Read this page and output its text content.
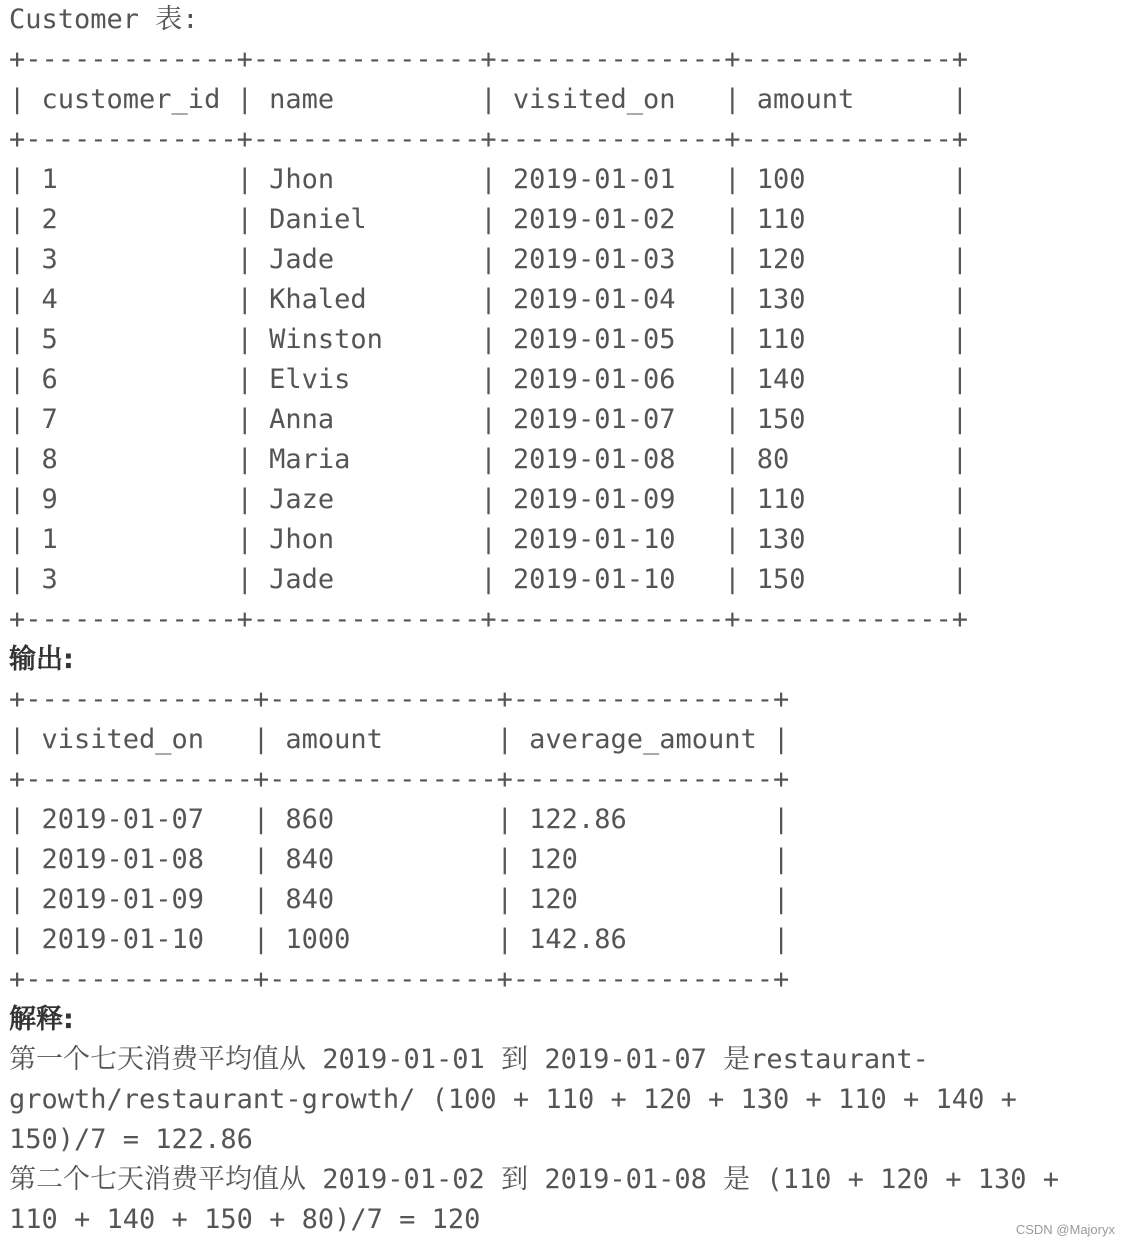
Customer 表:
+-------------+--------------+--------------+-------------+
| customer_id | name         | visited_on   | amount      |
+-------------+--------------+--------------+-------------+
| 1           | Jhon         | 2019-01-01   | 100         |
| 2           | Daniel       | 2019-01-02   | 110         |
| 3           | Jade         | 2019-01-03   | 120         |
| 4           | Khaled       | 2019-01-04   | 130         |
| 5           | Winston      | 2019-01-05   | 110         |
| 6           | Elvis        | 2019-01-06   | 140         |
| 7           | Anna         | 2019-01-07   | 150         |
| 8           | Maria        | 2019-01-08   | 80          |
| 9           | Jaze         | 2019-01-09   | 110         |
| 1           | Jhon         | 2019-01-10   | 130         |
| 3           | Jade         | 2019-01-10   | 150         |
+-------------+--------------+--------------+-------------+
输出:
+--------------+--------------+----------------+
| visited_on   | amount       | average_amount |
+--------------+--------------+----------------+
| 2019-01-07   | 860          | 122.86         |
| 2019-01-08   | 840          | 120            |
| 2019-01-09   | 840          | 120            |
| 2019-01-10   | 1000         | 142.86         |
+--------------+--------------+----------------+
解释:
第一个七天消费平均值从 2019-01-01 到 2019-01-07 是restaurant-growth/restaurant-growth/ (100 + 110 + 120 + 130 + 110 + 140 + 150)/7 = 122.86
第二个七天消费平均值从 2019-01-02 到 2019-01-08 是 (110 + 120 + 130 + 110 + 140 + 150 + 80)/7 = 120	CSDN @Majoryx
